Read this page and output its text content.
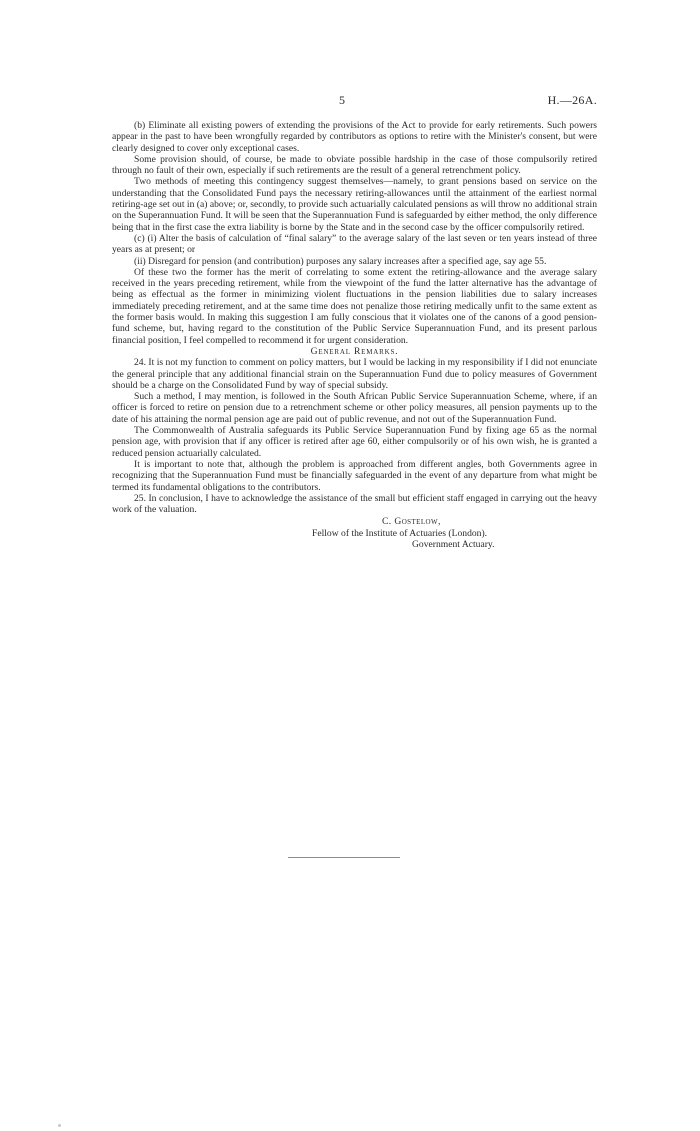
5	H.—26A.

(b) Eliminate all existing powers of extending the provisions of the Act to provide for early retirements. Such powers appear in the past to have been wrongfully regarded by contributors as options to retire with the Minister's consent, but were clearly designed to cover only exceptional cases.

Some provision should, of course, be made to obviate possible hardship in the case of those compulsorily retired through no fault of their own, especially if such retirements are the result of a general retrenchment policy.

Two methods of meeting this contingency suggest themselves—namely, to grant pensions based on service on the understanding that the Consolidated Fund pays the necessary retiring-allowances until the attainment of the earliest normal retiring-age set out in (a) above; or, secondly, to provide such actuarially calculated pensions as will throw no additional strain on the Superannuation Fund. It will be seen that the Superannuation Fund is safeguarded by either method, the only difference being that in the first case the extra liability is borne by the State and in the second case by the officer compulsorily retired.

(c) (i) Alter the basis of calculation of “final salary” to the average salary of the last seven or ten years instead of three years as at present; or

(ii) Disregard for pension (and contribution) purposes any salary increases after a specified age, say age 55.

Of these two the former has the merit of correlating to some extent the retiring-allowance and the average salary received in the years preceding retirement, while from the viewpoint of the fund the latter alternative has the advantage of being as effectual as the former in minimizing violent fluctuations in the pension liabilities due to salary increases immediately preceding retirement, and at the same time does not penalize those retiring medically unfit to the same extent as the former basis would. In making this suggestion I am fully conscious that it violates one of the canons of a good pension-fund scheme, but, having regard to the constitution of the Public Service Superannuation Fund, and its present parlous financial position, I feel compelled to recommend it for urgent consideration.

General Remarks.

24. It is not my function to comment on policy matters, but I would be lacking in my responsibility if I did not enunciate the general principle that any additional financial strain on the Superannuation Fund due to policy measures of Government should be a charge on the Consolidated Fund by way of special subsidy.

Such a method, I may mention, is followed in the South African Public Service Superannuation Scheme, where, if an officer is forced to retire on pension due to a retrenchment scheme or other policy measures, all pension payments up to the date of his attaining the normal pension age are paid out of public revenue, and not out of the Superannuation Fund.

The Commonwealth of Australia safeguards its Public Service Superannuation Fund by fixing age 65 as the normal pension age, with provision that if any officer is retired after age 60, either compulsorily or of his own wish, he is granted a reduced pension actuarially calculated.

It is important to note that, although the problem is approached from different angles, both Governments agree in recognizing that the Superannuation Fund must be financially safeguarded in the event of any departure from what might be termed its fundamental obligations to the contributors.

25. In conclusion, I have to acknowledge the assistance of the small but efficient staff engaged in carrying out the heavy work of the valuation.

C. Gostelow,
Fellow of the Institute of Actuaries (London).
Government Actuary.
